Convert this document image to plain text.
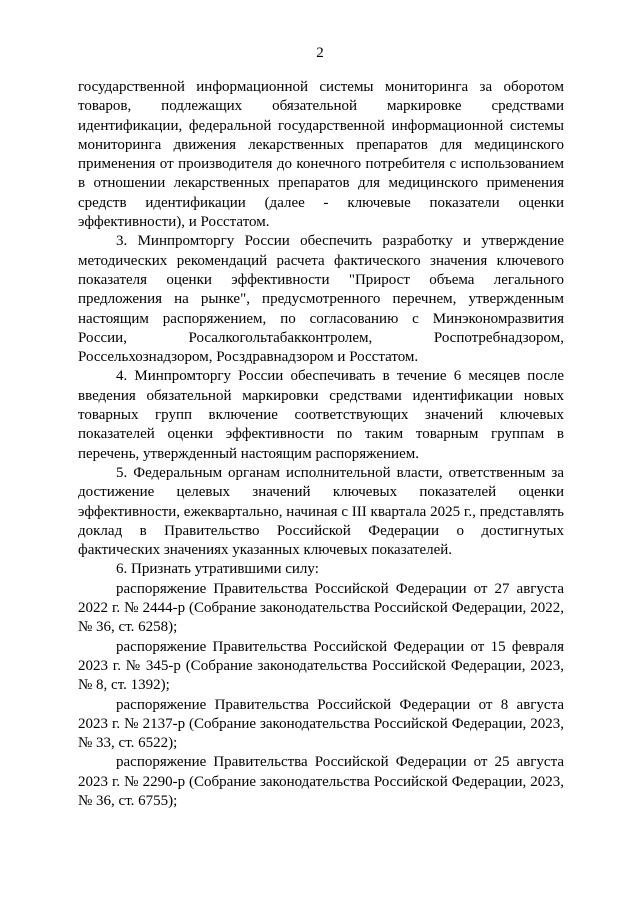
2

государственной информационной системы мониторинга за оборотом товаров, подлежащих обязательной маркировке средствами идентификации, федеральной государственной информационной системы мониторинга движения лекарственных препаратов для медицинского применения от производителя до конечного потребителя с использованием в отношении лекарственных препаратов для медицинского применения средств идентификации (далее - ключевые показатели оценки эффективности), и Росстатом.

3. Минпромторгу России обеспечить разработку и утверждение методических рекомендаций расчета фактического значения ключевого показателя оценки эффективности "Прирост объема легального предложения на рынке", предусмотренного перечнем, утвержденным настоящим распоряжением, по согласованию с Минэкономразвития России, Росалкогольтабакконтролем, Роспотребнадзором, Россельхознадзором, Росздравнадзором и Росстатом.

4. Минпромторгу России обеспечивать в течение 6 месяцев после введения обязательной маркировки средствами идентификации новых товарных групп включение соответствующих значений ключевых показателей оценки эффективности по таким товарным группам в перечень, утвержденный настоящим распоряжением.

5. Федеральным органам исполнительной власти, ответственным за достижение целевых значений ключевых показателей оценки эффективности, ежеквартально, начиная с III квартала 2025 г., представлять доклад в Правительство Российской Федерации о достигнутых фактических значениях указанных ключевых показателей.

6. Признать утратившими силу:

распоряжение Правительства Российской Федерации от 27 августа 2022 г. № 2444-р (Собрание законодательства Российской Федерации, 2022, № 36, ст. 6258);

распоряжение Правительства Российской Федерации от 15 февраля 2023 г. № 345-р (Собрание законодательства Российской Федерации, 2023, № 8, ст. 1392);

распоряжение Правительства Российской Федерации от 8 августа 2023 г. № 2137-р (Собрание законодательства Российской Федерации, 2023, № 33, ст. 6522);

распоряжение Правительства Российской Федерации от 25 августа 2023 г. № 2290-р (Собрание законодательства Российской Федерации, 2023, № 36, ст. 6755);
